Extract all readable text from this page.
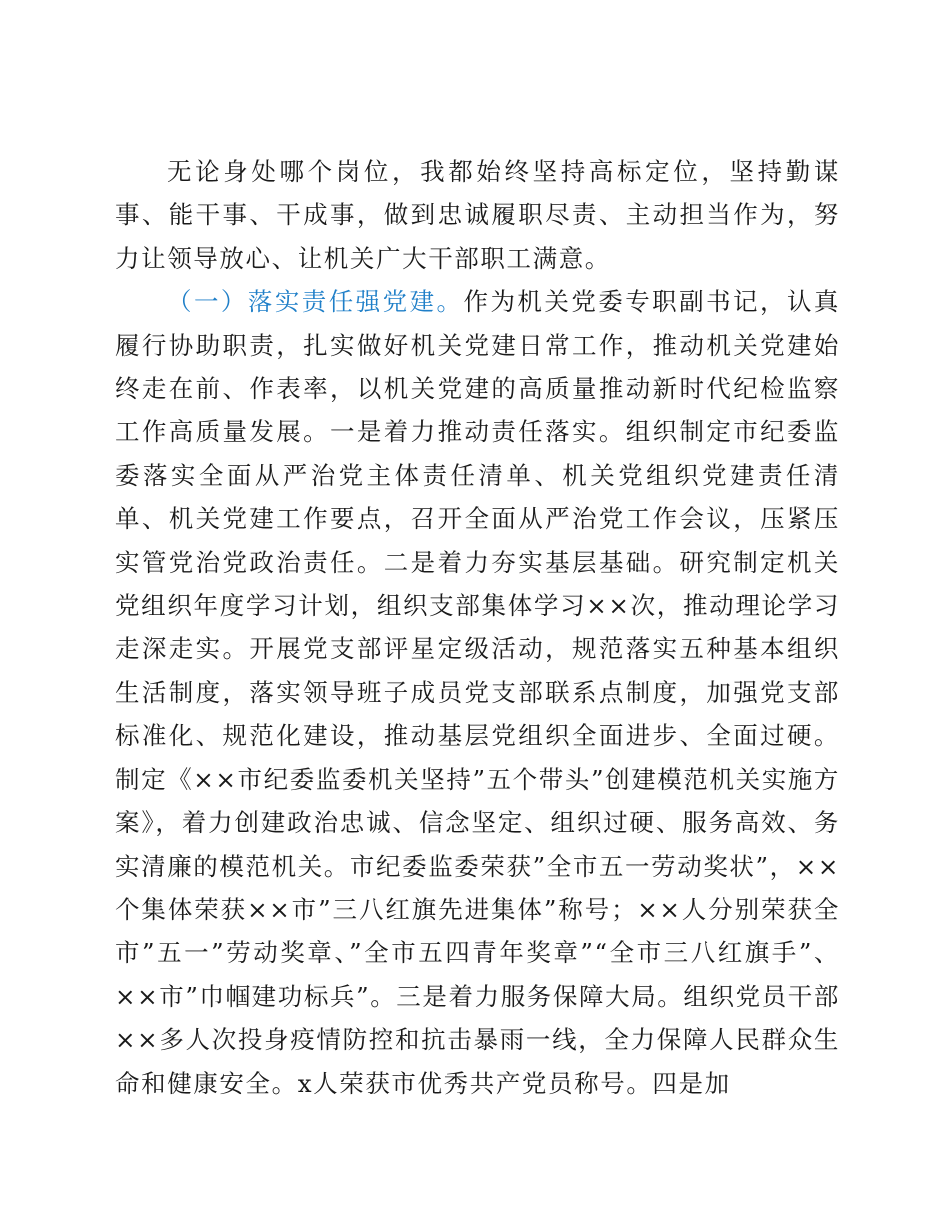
无论身处哪个岗位，我都始终坚持高标定位，坚持勤谋事、能干事、干成事，做到忠诚履职尽责、主动担当作为，努力让领导放心、让机关广大干部职工满意。

（一）落实责任强党建。作为机关党委专职副书记，认真履行协助职责，扎实做好机关党建日常工作，推动机关党建始终走在前、作表率，以机关党建的高质量推动新时代纪检监察工作高质量发展。一是着力推动责任落实。组织制定市纪委监委落实全面从严治党主体责任清单、机关党组织党建责任清单、机关党建工作要点，召开全面从严治党工作会议，压紧压实管党治党政治责任。二是着力夯实基层基础。研究制定机关党组织年度学习计划，组织支部集体学习××次，推动理论学习走深走实。开展党支部评星定级活动，规范落实五种基本组织生活制度，落实领导班子成员党支部联系点制度，加强党支部标准化、规范化建设，推动基层党组织全面进步、全面过硬。制定《××市纪委监委机关坚持”五个带头”创建模范机关实施方案》，着力创建政治忠诚、信念坚定、组织过硬、服务高效、务实清廉的模范机关。市纪委监委荣获”全市五一劳动奖状”，××个集体荣获××市”三八红旗先进集体”称号；××人分别荣获全市”五一”劳动奖章、”全市五四青年奖章”“全市三八红旗手”、××市”巾帼建功标兵”。三是着力服务保障大局。组织党员干部××多人次投身疫情防控和抗击暴雨一线，全力保障人民群众生命和健康安全。x人荣获市优秀共产党员称号。四是加
